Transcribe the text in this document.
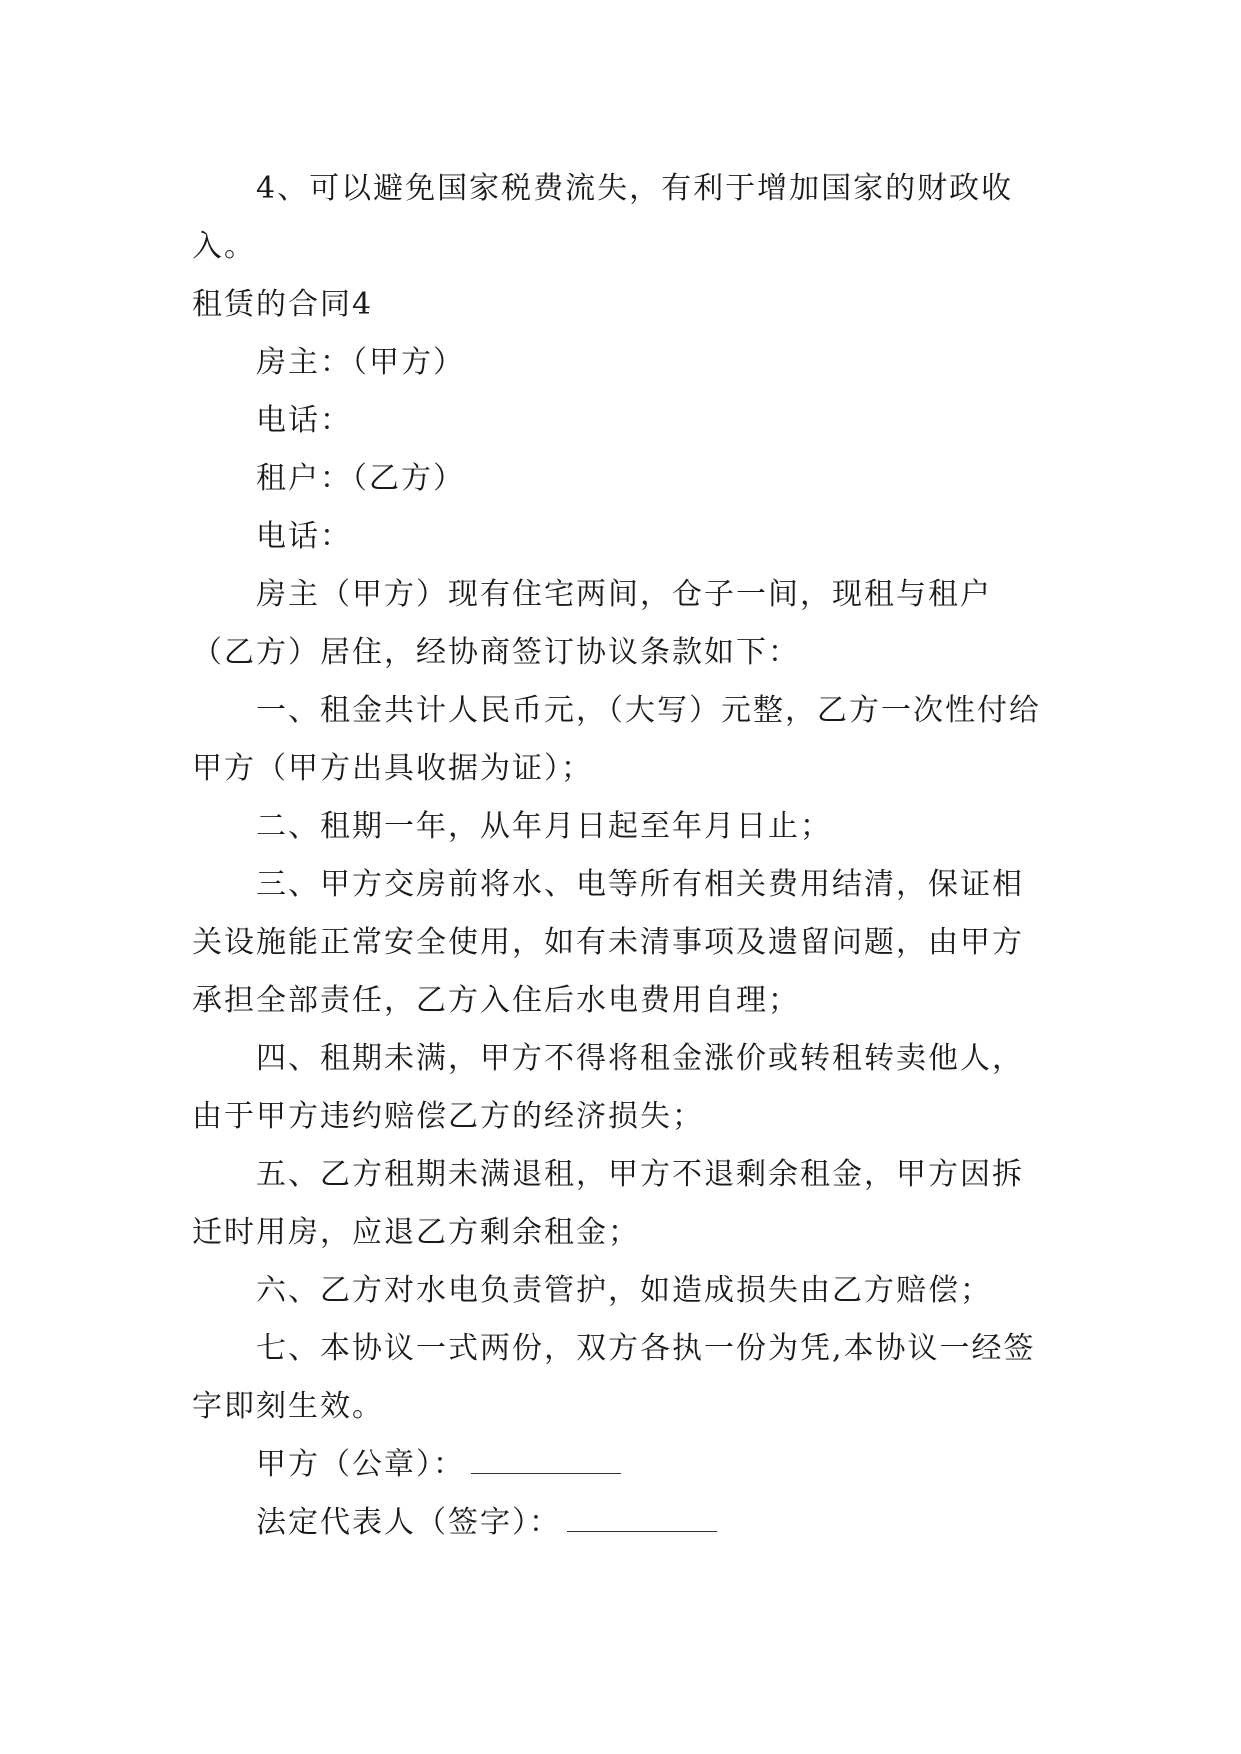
4、可以避免国家税费流失，有利于增加国家的财政收入。

租赁的合同4

房主：（甲方）

电话：

租户：（乙方）

电话：

房主（甲方）现有住宅两间，仓子一间，现租与租户（乙方）居住，经协商签订协议条款如下：

一、租金共计人民币元，（大写）元整，乙方一次性付给甲方（甲方出具收据为证）；

二、租期一年，从年月日起至年月日止；

三、甲方交房前将水、电等所有相关费用结清，保证相关设施能正常安全使用，如有未清事项及遗留问题，由甲方承担全部责任，乙方入住后水电费用自理；

四、租期未满，甲方不得将租金涨价或转租转卖他人，由于甲方违约赔偿乙方的经济损失；

五、乙方租期未满退租，甲方不退剩余租金，甲方因拆迁时用房，应退乙方剩余租金；

六、乙方对水电负责管护，如造成损失由乙方赔偿；

七、本协议一式两份，双方各执一份为凭,本协议一经签字即刻生效。

甲方（公章）：

法定代表人（签字）：
